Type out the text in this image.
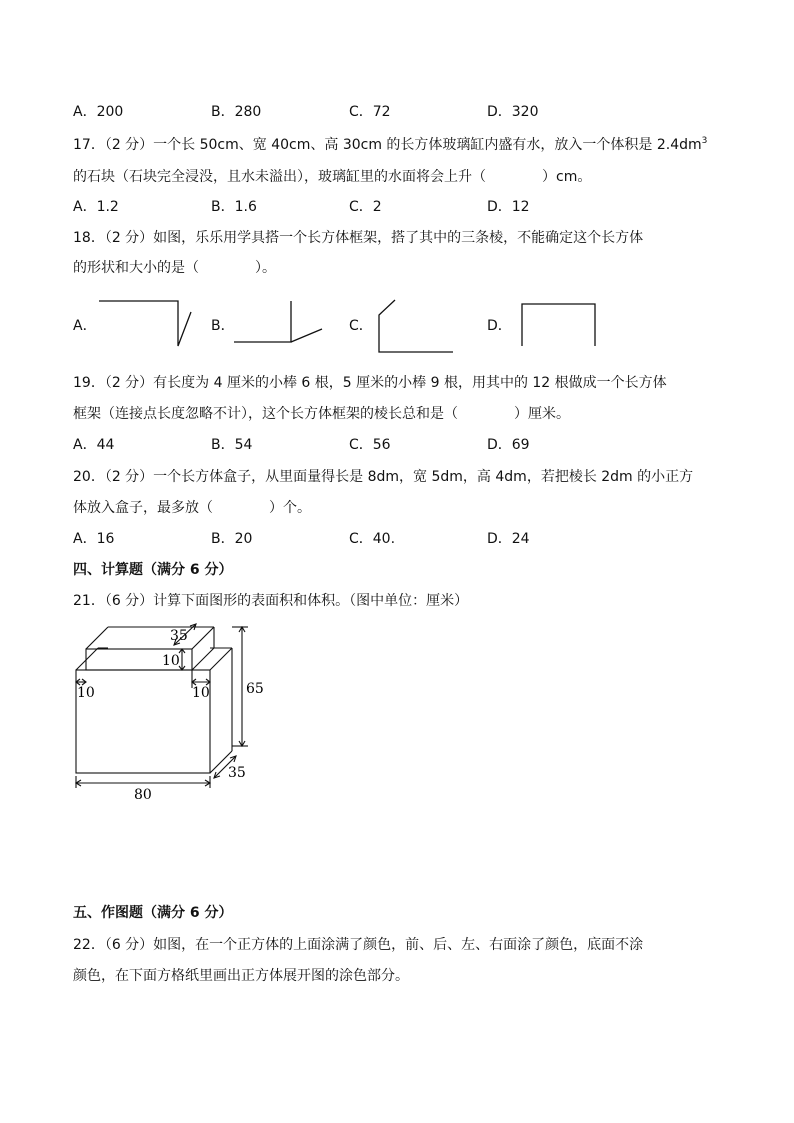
A．200	B．280	C．72	D．320
17．（2 分）一个长 50cm、宽 40cm、高 30cm 的长方体玻璃缸内盛有水，放入一个体积是 $2.4dm^3$
的石块（石块完全浸没，且水未溢出），玻璃缸里的水面将会上升（　　　　）cm。
A．1.2	B．1.6	C．2	D．12
18．（2 分）如图，乐乐用学具搭一个长方体框架，搭了其中的三条棱，不能确定这个长方体
的形状和大小的是（　　　　）。
A．	B．	C．	D．
19．（2 分）有长度为 4 厘米的小棒 6 根，5 厘米的小棒 9 根，用其中的 12 根做成一个长方体
框架（连接点长度忽略不计），这个长方体框架的棱长总和是（　　　　）厘米。
A．44	B．54	C．56	D．69
20．（2 分）一个长方体盒子，从里面量得长是 8dm，宽 5dm，高 4dm，若把棱长 2dm 的小正方
体放入盒子，最多放（　　　　）个。
A．16	B．20	C．40.	D．24
四、计算题（满分 6 分）
21．（6 分）计算下面图形的表面积和体积。（图中单位：厘米）
35
10
10	10	65
35
80
五、作图题（满分 6 分）
22．（6 分）如图，在一个正方体的上面涂满了颜色，前、后、左、右面涂了颜色，底面不涂
颜色，在下面方格纸里画出正方体展开图的涂色部分。
